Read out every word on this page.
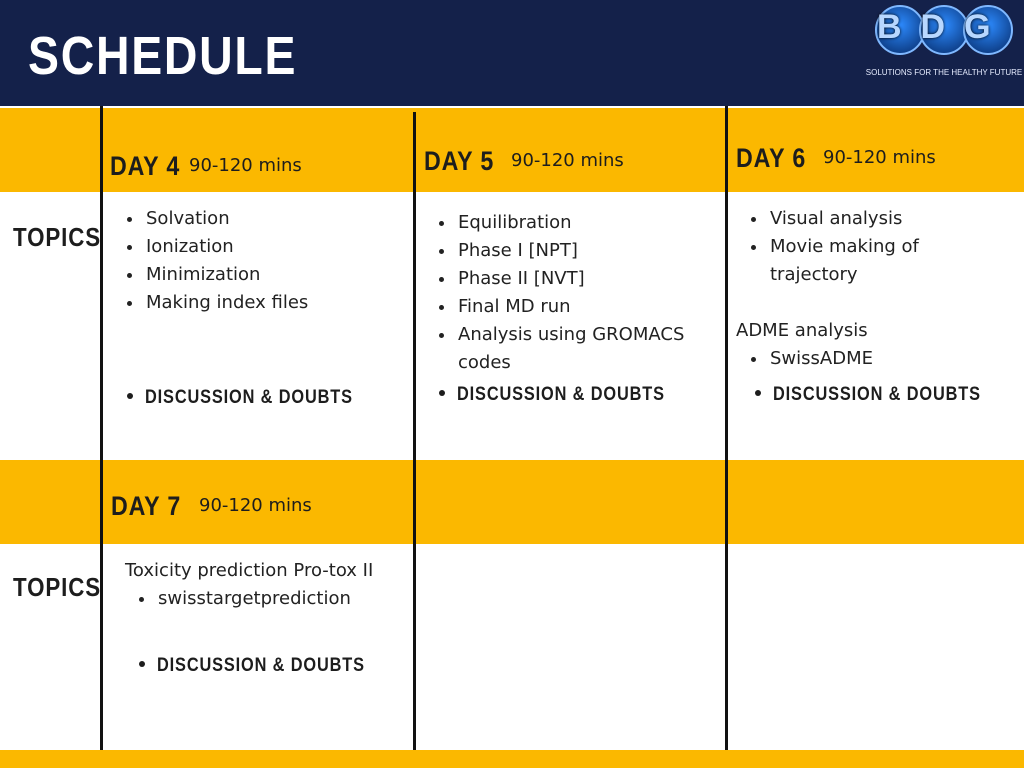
SCHEDULE	BDG
SOLUTIONS FOR THE HEALTHY FUTURE
TOPICS
TOPICS
DAY 4 90-120 mins
• Solvation
• Ionization
• Minimization
• Making index files
DISCUSSION & DOUBTS
DAY 5 90-120 mins
• Equilibration
• Phase I [NPT]
• Phase II [NVT]
• Final MD run
• Analysis using GROMACS codes
DISCUSSION & DOUBTS
DAY 6 90-120 mins
• Visual analysis
• Movie making of trajectory
ADME analysis
• SwissADME
DISCUSSION & DOUBTS
DAY 7 90-120 mins
Toxicity prediction Pro-tox II
• swisstargetprediction
DISCUSSION & DOUBTS
